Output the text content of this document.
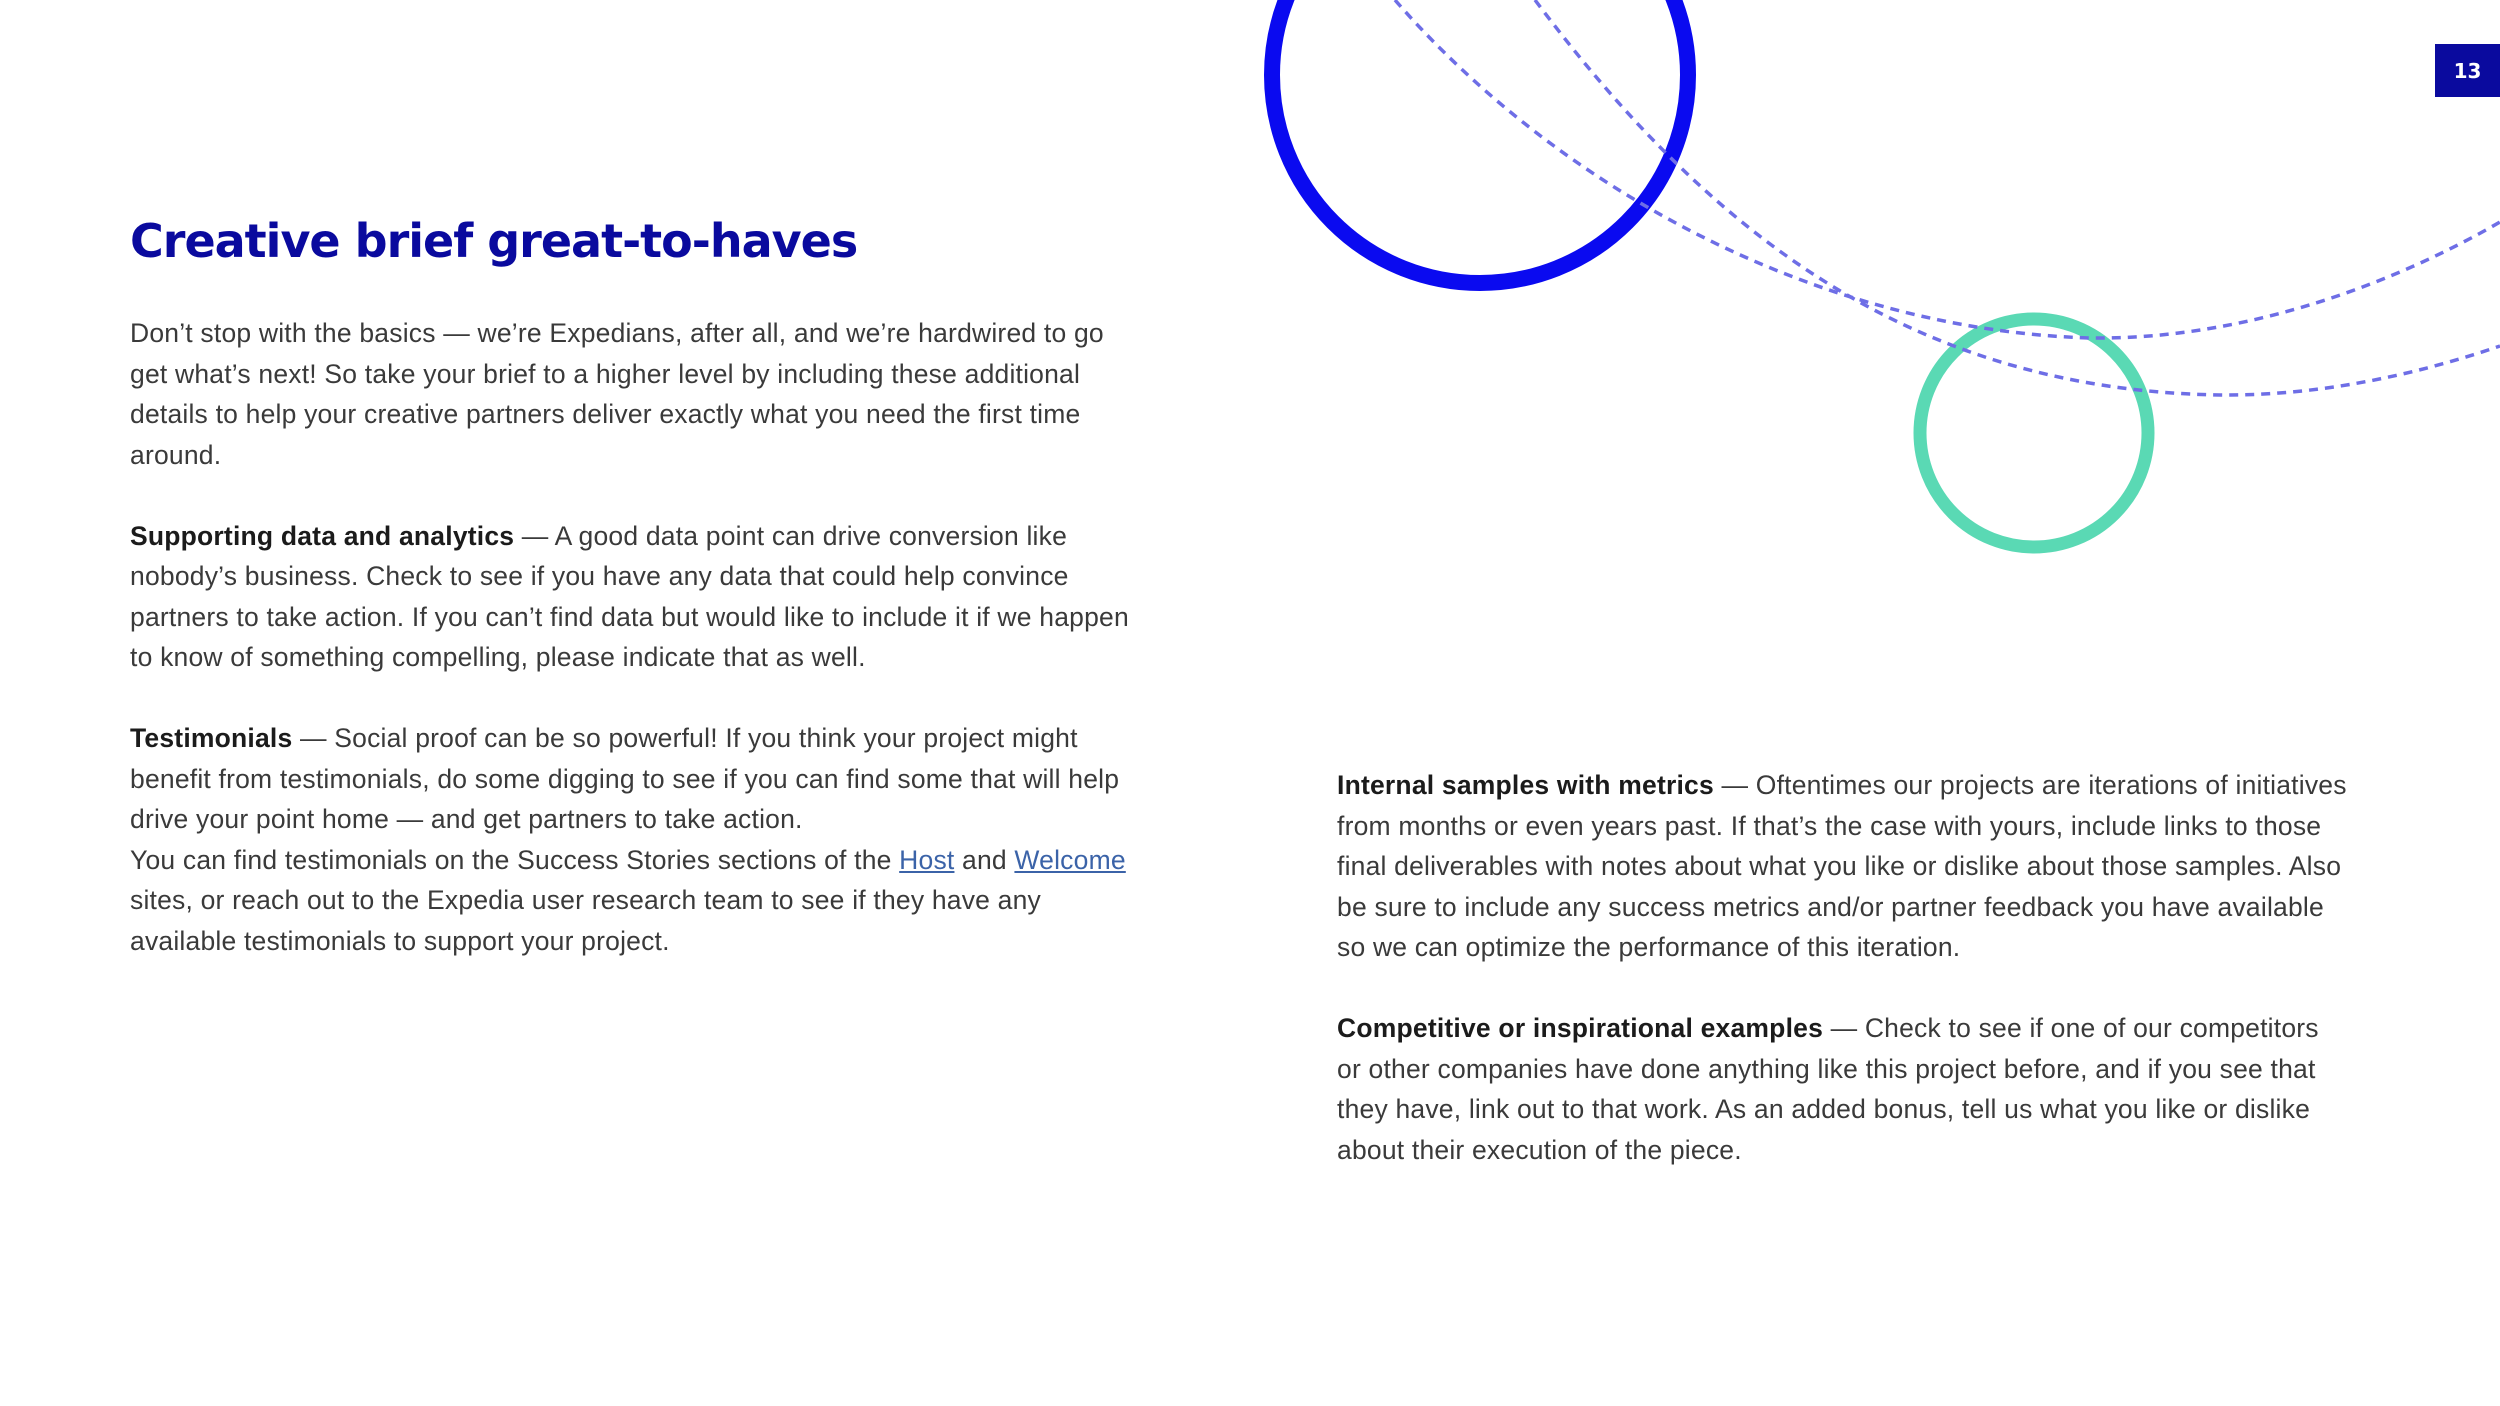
13
Creative brief great-to-haves

Don’t stop with the basics — we’re Expedians, after all, and we’re hardwired to go get what’s next! So take your brief to a higher level by including these additional details to help your creative partners deliver exactly what you need the first time around.

Supporting data and analytics — A good data point can drive conversion like nobody’s business. Check to see if you have any data that could help convince partners to take action. If you can’t find data but would like to include it if we happen to know of something compelling, please indicate that as well.

Testimonials — Social proof can be so powerful! If you think your project might benefit from testimonials, do some digging to see if you can find some that will help drive your point home — and get partners to take action.
You can find testimonials on the Success Stories sections of the Host and Welcome sites, or reach out to the Expedia user research team to see if they have any available testimonials to support your project.

Internal samples with metrics — Oftentimes our projects are iterations of initiatives from months or even years past. If that’s the case with yours, include links to those final deliverables with notes about what you like or dislike about those samples. Also be sure to include any success metrics and/or partner feedback you have available so we can optimize the performance of this iteration.

Competitive or inspirational examples — Check to see if one of our competitors or other companies have done anything like this project before, and if you see that they have, link out to that work. As an added bonus, tell us what you like or dislike about their execution of the piece.
